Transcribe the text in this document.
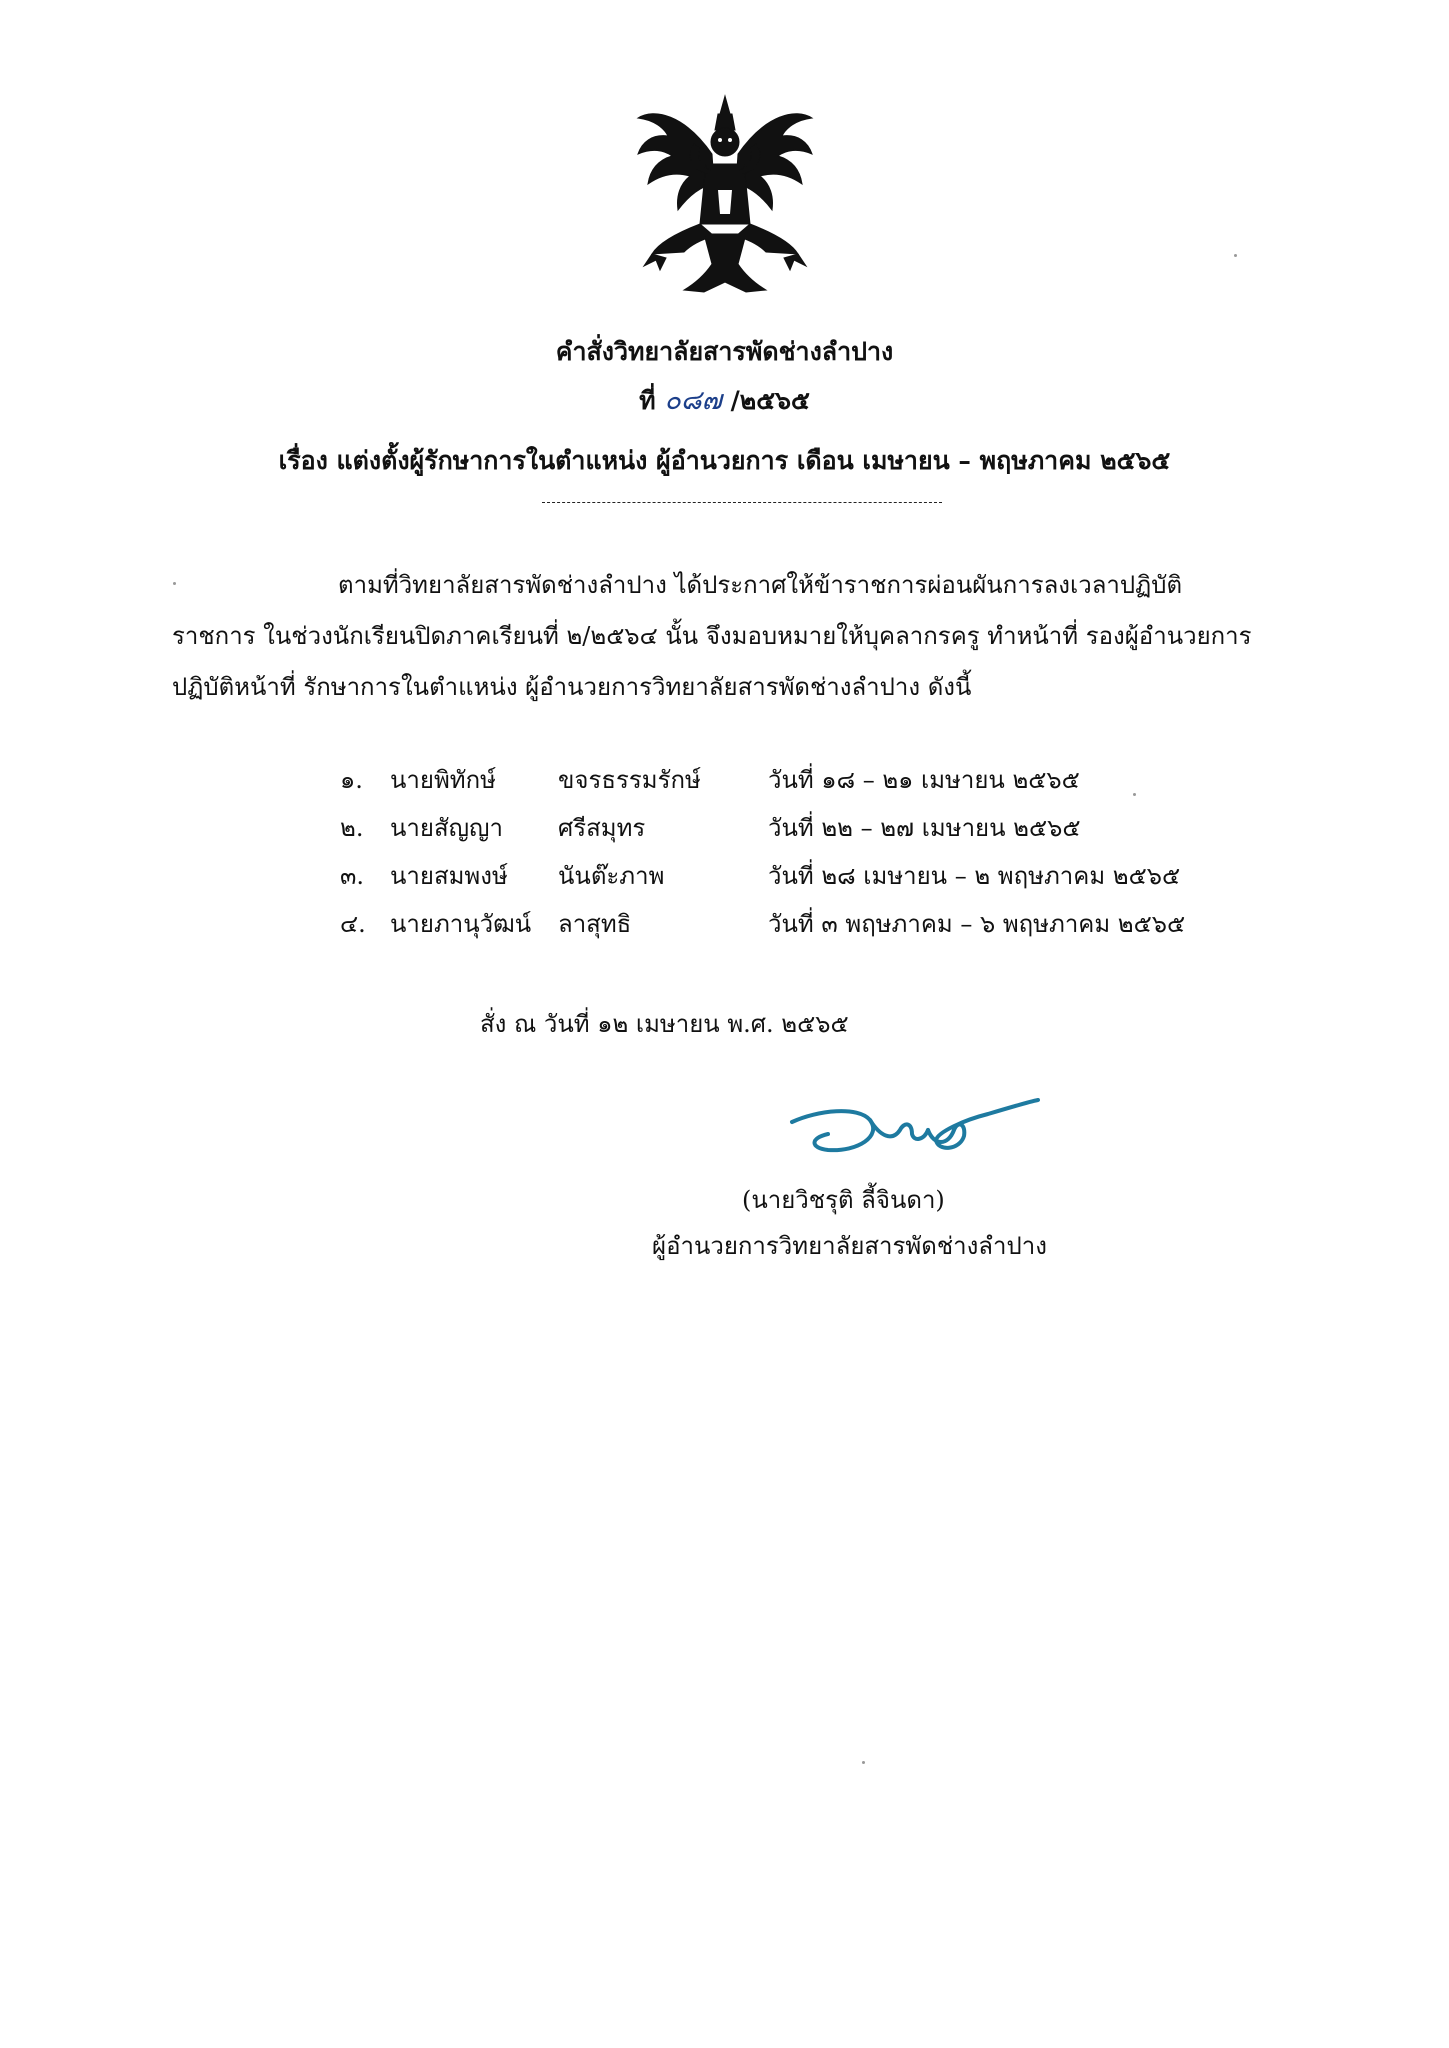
คำสั่งวิทยาลัยสารพัดช่างลำปาง
ที่ ๐๘๗ /๒๕๖๕
เรื่อง แต่งตั้งผู้รักษาการในตำแหน่ง ผู้อำนวยการ เดือน เมษายน – พฤษภาคม ๒๕๖๕
ตามที่วิทยาลัยสารพัดช่างลำปาง ได้ประกาศให้ข้าราชการผ่อนผันการลงเวลาปฏิบัติ
ราชการ ในช่วงนักเรียนปิดภาคเรียนที่ ๒/๒๕๖๔ นั้น จึงมอบหมายให้บุคลากรครู ทำหน้าที่ รองผู้อำนวยการ
ปฏิบัติหน้าที่ รักษาการในตำแหน่ง ผู้อำนวยการวิทยาลัยสารพัดช่างลำปาง ดังนี้
๑. นายพิทักษ์	ขจรธรรมรักษ์	วันที่ ๑๘ – ๒๑ เมษายน ๒๕๖๕
๒. นายสัญญา ศรีสมุทร	วันที่ ๒๒ – ๒๗ เมษายน ๒๕๖๕
๓. นายสมพงษ์ นันต๊ะภาพ	วันที่ ๒๘ เมษายน – ๒ พฤษภาคม ๒๕๖๕
๔. นายภานุวัฒน์ ลาสุทธิ	วันที่ ๓ พฤษภาคม – ๖ พฤษภาคม ๒๕๖๕
สั่ง ณ วันที่ ๑๒ เมษายน พ.ศ. ๒๕๖๕
(นายวิชรุติ ลี้จินดา)
ผู้อำนวยการวิทยาลัยสารพัดช่างลำปาง
